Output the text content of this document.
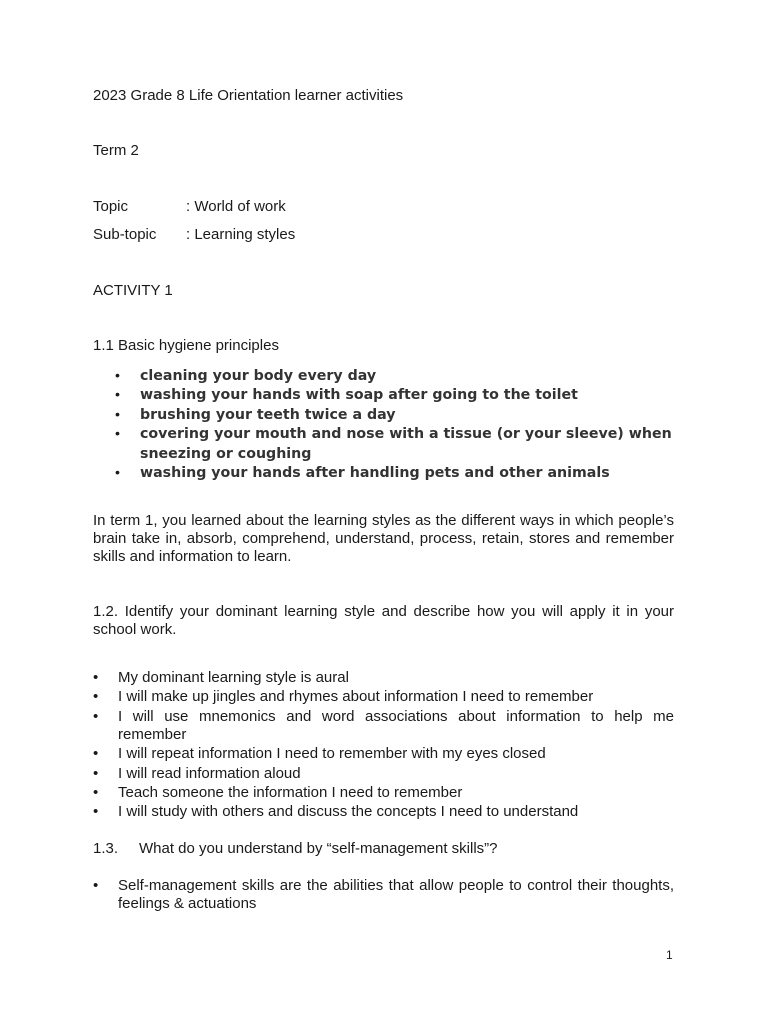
2023 Grade 8 Life Orientation learner activities
Term 2
Topic	: World of work
Sub-topic : Learning styles
ACTIVITY 1
1.1 Basic hygiene principles
• cleaning your body every day
• washing your hands with soap after going to the toilet
• brushing your teeth twice a day
• covering your mouth and nose with a tissue (or your sleeve) when sneezing or coughing
• washing your hands after handling pets and other animals
In term 1, you learned about the learning styles as the different ways in which people’s brain take in, absorb, comprehend, understand, process, retain, stores and remember skills and information to learn.
1.2. Identify your dominant learning style and describe how you will apply it in your school work.
• My dominant learning style is aural
• I will make up jingles and rhymes about information I need to remember
• I will use mnemonics and word associations about information to help me remember
• I will repeat information I need to remember with my eyes closed
• I will read information aloud
• Teach someone the information I need to remember
• I will study with others and discuss the concepts I need to understand
1.3. What do you understand by “self-management skills”?
• Self-management skills are the abilities that allow people to control their thoughts, feelings & actuations
1
